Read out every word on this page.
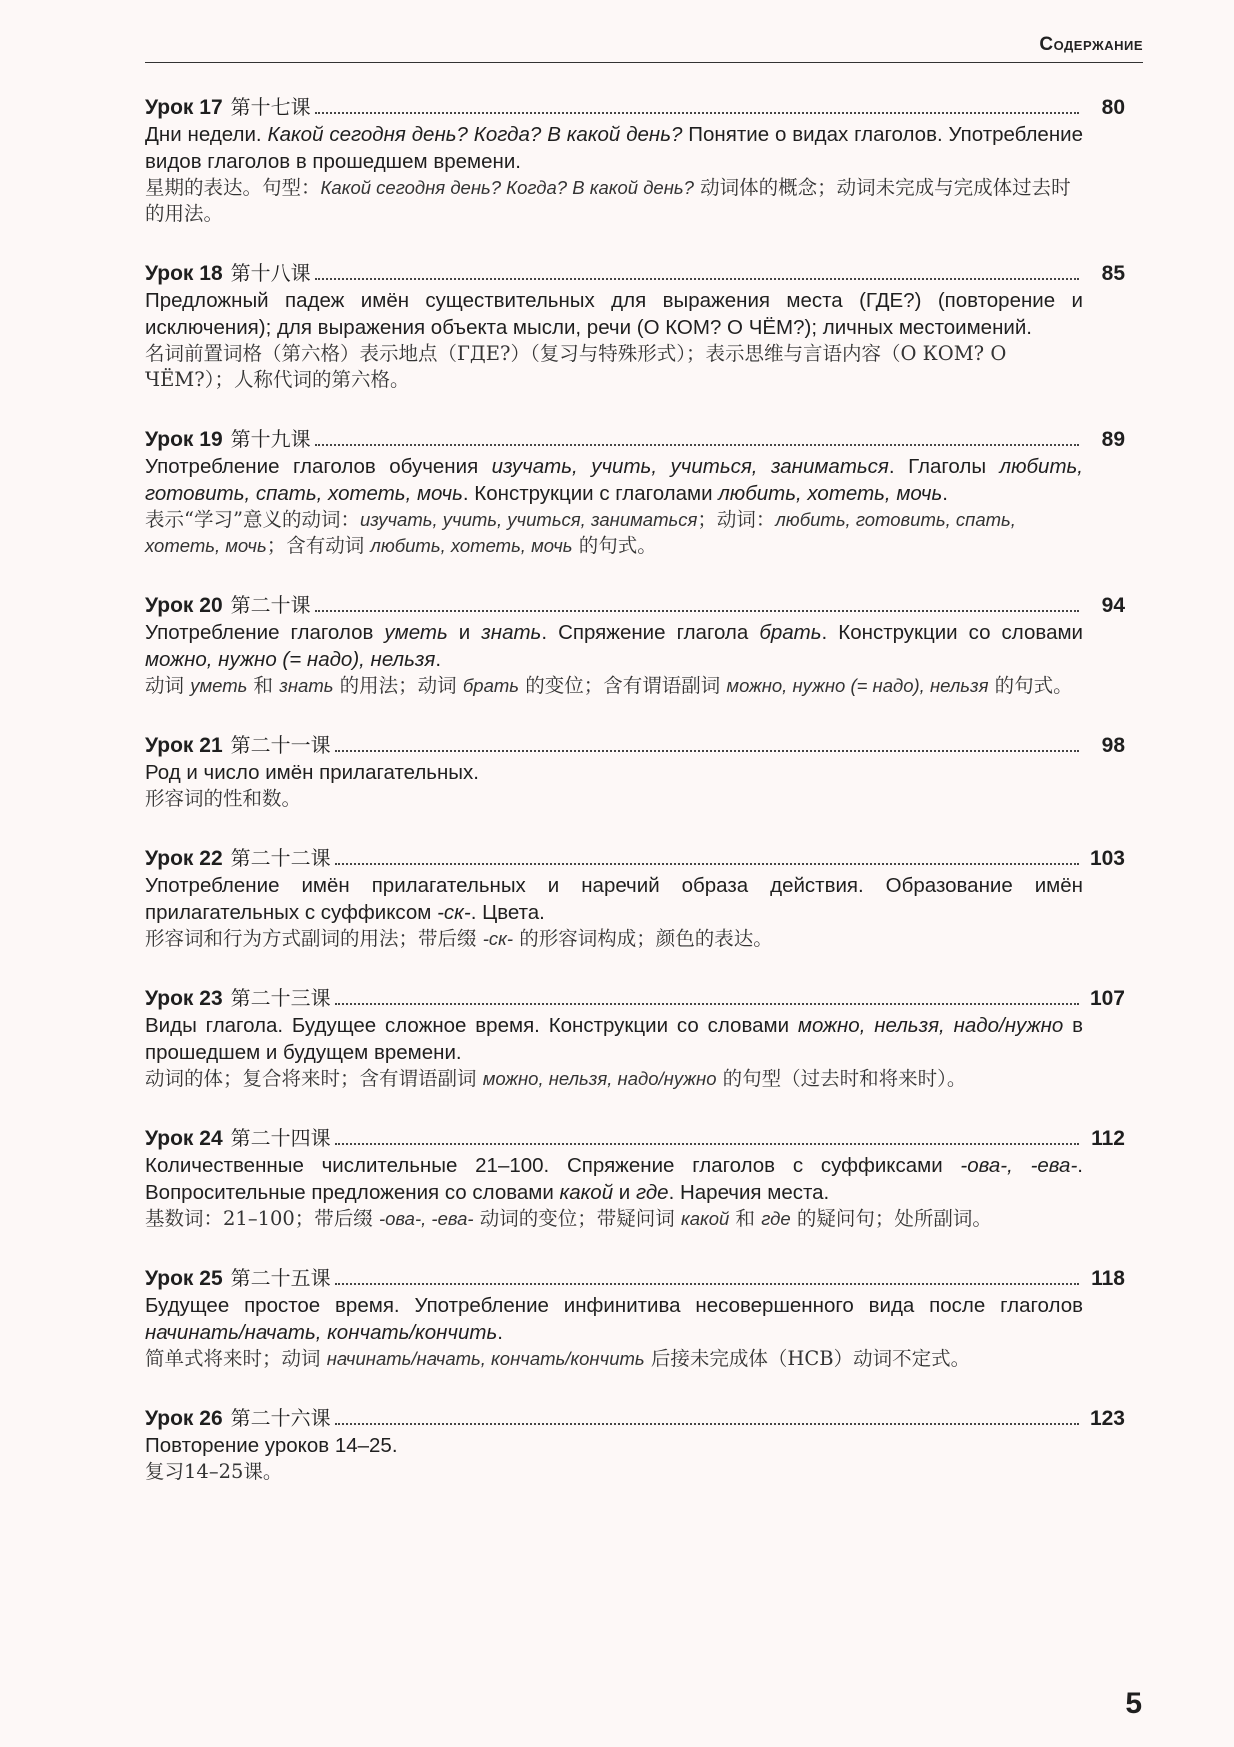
Содержание
Урок 17 第十七课	80
Дни недели. Какой сегодня день? Когда? В какой день? Понятие о видах глаголов. Употребление видов глаголов в прошедшем времени.
星期的表达。句型：Какой сегодня день? Когда? В какой день? 动词体的概念；动词未完成与完成体过去时的用法。
Урок 18 第十八课	85
Предложный падеж имён существительных для выражения места (ГДЕ?) (повторение и исключения); для выражения объекта мысли, речи (О КОМ? О ЧЁМ?); личных местоимений.
名词前置词格（第六格）表示地点（ГДЕ?）（复习与特殊形式）；表示思维与言语内容（О КОМ? О ЧЁМ?）；人称代词的第六格。
Урок 19 第十九课	89
Употребление глаголов обучения изучать, учить, учиться, заниматься. Глаголы любить, готовить, спать, хотеть, мочь. Конструкции с глаголами любить, хотеть, мочь.
表示“学习”意义的动词：изучать, учить, учиться, заниматься；动词：любить, готовить, спать, хотеть, мочь；含有动词 любить, хотеть, мочь 的句式。
Урок 20 第二十课	94
Употребление глаголов уметь и знать. Спряжение глагола брать. Конструкции со словами можно, нужно (= надо), нельзя.
动词 уметь 和 знать 的用法；动词 брать 的变位；含有谓语副词 можно, нужно (= надо), нельзя 的句式。
Урок 21 第二十一课	98
Род и число имён прилагательных.
形容词的性和数。
Урок 22 第二十二课	103
Употребление имён прилагательных и наречий образа действия. Образование имён прилагательных с суффиксом -ск-. Цвета.
形容词和行为方式副词的用法；带后缀 -ск- 的形容词构成；颜色的表达。
Урок 23 第二十三课	107
Виды глагола. Будущее сложное время. Конструкции со словами можно, нельзя, надо/нужно в прошедшем и будущем времени.
动词的体；复合将来时；含有谓语副词 можно, нельзя, надо/нужно 的句型（过去时和将来时）。
Урок 24 第二十四课	112
Количественные числительные 21–100. Спряжение глаголов с суффиксами -ова-, -ева-. Вопросительные предложения со словами какой и где. Наречия места.
基数词：21–100；带后缀 -ова-, -ева- 动词的变位；带疑问词 какой 和 где 的疑问句；处所副词。
Урок 25 第二十五课	118
Будущее простое время. Употребление инфинитива несовершенного вида после глаголов начинать/начать, кончать/кончить.
简单式将来时；动词 начинать/начать, кончать/кончить 后接未完成体（НСВ）动词不定式。
Урок 26 第二十六课	123
Повторение уроков 14–25.
复习14–25课。
5
